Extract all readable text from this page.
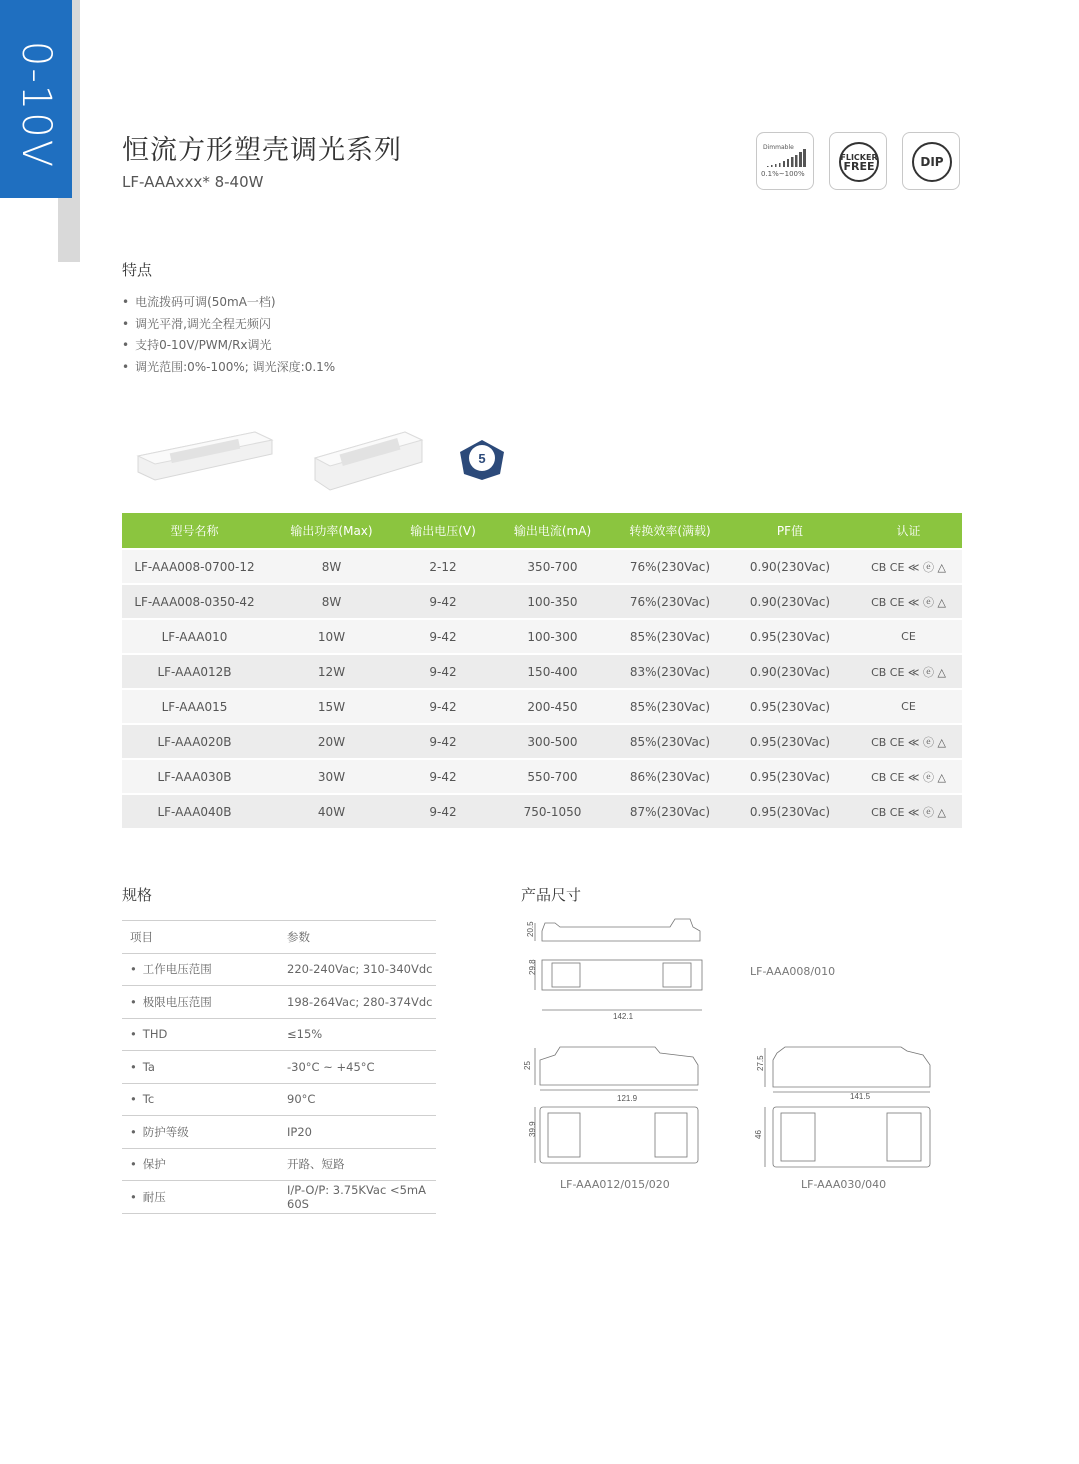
0-10V 恒流方形塑壳调光系列
LF-AAAxxx* 8-40W
Dimmable
0.1%~100%
FLICKER
FREE	DIP
特点
• 电流拨码可调(50mA一档)
• 调光平滑,调光全程无频闪
• 支持0-10V/PWM/Rx调光
• 调光范围:0%-100%; 调光深度:0.1%
5
型号名称	输出功率(Max)	输出电压(V)	输出电流(mA)	转换效率(满载)	PF值	认证
LF-AAA008-0700-12	8W	2-12	350-700	76%(230Vac)	0.90(230Vac)	CB CE ≪ ⓔ △
LF-AAA008-0350-42	8W	9-42	100-350	76%(230Vac)	0.90(230Vac)	CB CE ≪ ⓔ △
LF-AAA010	10W	9-42	100-300	85%(230Vac)	0.95(230Vac)	CE
LF-AAA012B	12W	9-42	150-400	83%(230Vac)	0.90(230Vac)	CB CE ≪ ⓔ △
LF-AAA015	15W	9-42	200-450	85%(230Vac)	0.95(230Vac)	CE
LF-AAA020B	20W	9-42	300-500	85%(230Vac)	0.95(230Vac)	CB CE ≪ ⓔ △
LF-AAA030B	30W	9-42	550-700	86%(230Vac)	0.95(230Vac)	CB CE ≪ ⓔ △
LF-AAA040B	40W	9-42	750-1050	87%(230Vac)	0.95(230Vac)	CB CE ≪ ⓔ △
规格
项目	参数
• 工作电压范围	220-240Vac; 310-340Vdc
• 极限电压范围	198-264Vac; 280-374Vdc
• THD	≤15%
• Ta	-30°C ~ +45°C
• Tc	90°C
• 防护等级	IP20
• 保护	开路、短路
• 耐压	I/P-O/P: 3.75KVac <5mA 60S
产品尺寸
20.5
29.8
142.1
25
121.9
39.9
27.5
141.5
46
LF-AAA008/010
LF-AAA012/015/020	LF-AAA030/040
